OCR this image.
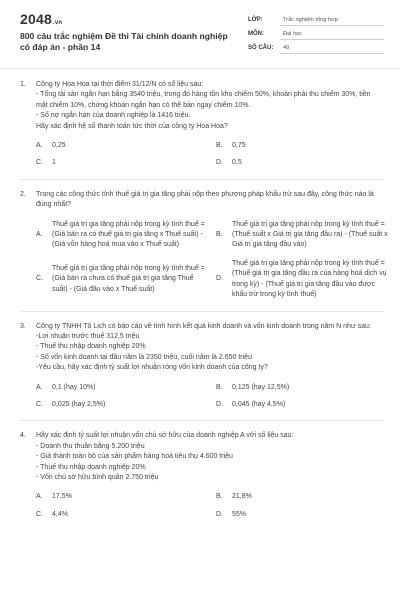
2048.vn
800 câu trắc nghiệm Đề thi Tài chính doanh nghiệp có đáp án - phần 14
LỚP:	Trắc nghiệm tổng hợp
MÔN:	Đại học
SỐ CÂU:	40
1.	Công ty Hoa Hoa tại thời điểm 31/12/N có số liệu sau:
- Tổng tài sản ngắn hạn bằng 3540 triệu, trong đó hàng tồn kho chiếm 50%, khoản phải thu chiếm 30%, tiền mặt chiếm 10%, chứng khoán ngắn hạn có thể bán ngay chiếm 10%.
- Số nợ ngắn hạn của doanh nghiệp là 1416 triệu.
Hãy xác định hệ số thanh toán tức thời của công ty Hoa Hoa?
A.	0,25	B.	0,75
C.	1	D.	0,5
2.	Trong các công thức tính thuế giá trị gia tăng phải nộp theo phương pháp khấu trừ sau đây, công thức nào là đúng nhất?
A.
Thuế giá trị gia tăng phải nộp trong kỳ tính thuế = (Giá bán ra có thuế giá trị gia tăng x Thuế suất) - (Giá vốn hàng hoá mua vào x Thuế suất)
B.
Thuế giá trị gia tăng phải nộp trong kỳ tính thuế = (Thuế suất x Giá trị gia tăng đầu ra) - (Thuế suất x Giá trị gia tăng đầu vào)
C.
Thuế giá trị gia tăng phải nộp trong kỳ tính thuế = (Giá bán ra chưa có thuế giá trị gia tăng Thuế suất) - (Giá đầu vào x Thuế suất)
D.
Thuế giá trị gia tăng phải nộp trong kỳ tính thuế =(Thuế giá trị gia tăng đầu ra của hàng hoá dịch vụ trong kỳ) - (Thuế giá trị gia tăng đầu vào được khấu trừ trong kỳ tính thuế)
3.	Công ty TNHH Tô Lịch có báo cáo về tình hình kết quả kinh doanh và vốn kinh doanh trong năm N như sau:
-Lợi nhuận trước thuế 312,5 triệu
- Thuế thu nhập doanh nghiệp 20%
- Số vốn kinh doanh tại đầu năm là 2350 triệu, cuối năm là 2.650 triệu
-Yêu cầu, hãy xác định tỷ suất lợi nhuận ròng vốn kinh doanh của công ty?
A.	0,1 (hay 10%)	B.	0,125 (hay 12,5%)
C.	0,025 (hay 2,5%)	D.	0,045 (hay 4,5%)
4.	Hãy xác định tỷ suất lợi nhuận vốn chủ sở hữu của doanh nghiệp A với số liệu sau:
- Doanh thu thuần bằng 5.200 triệu
- Giá thành toàn bộ của sản phẩm hàng hoá tiêu thụ 4.600 triệu
- Thuế thu nhập doanh nghiệp 20%
- Vốn chủ sở hữu bình quân 2.750 triệu
A.	17,5%	B.	21,8%
C.	4,4%	D.	55%
